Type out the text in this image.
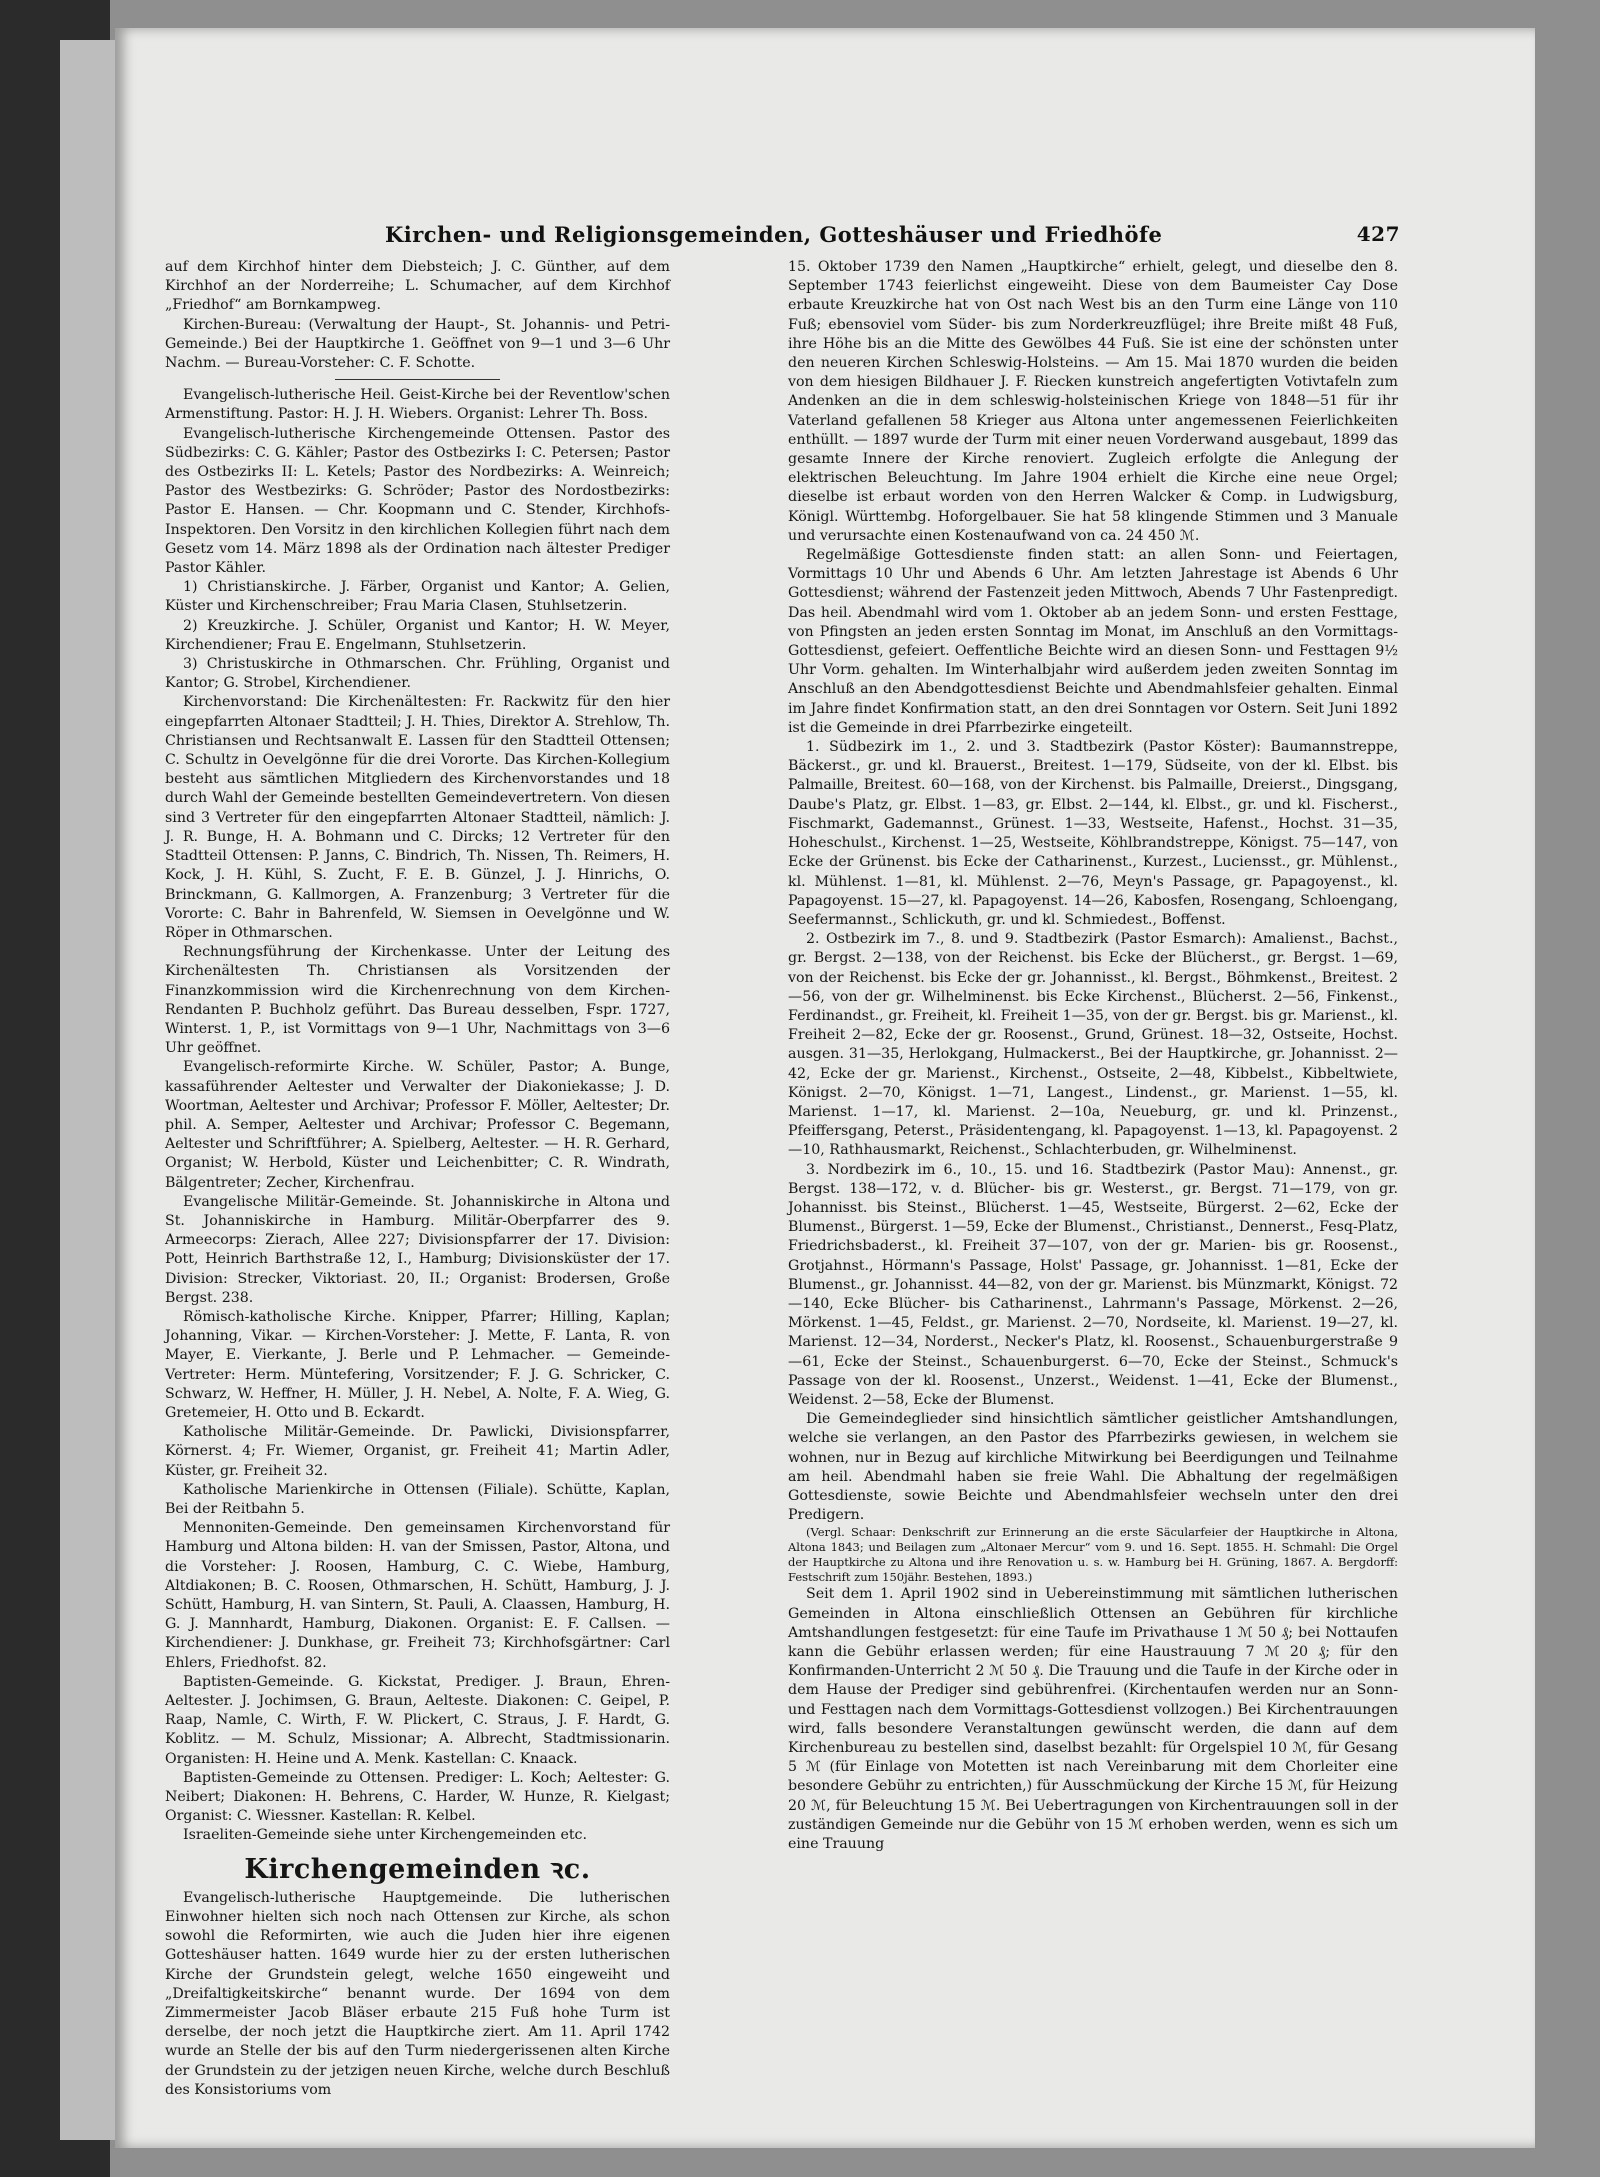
Kirchen- und Religionsgemeinden, Gotteshäuser und Friedhöfe	427

auf dem Kirchhof hinter dem Diebsteich; J. C. Günther, auf dem Kirchhof an der Norderreihe; L. Schumacher, auf dem Kirchhof „Friedhof“ am Bornkampweg.

Kirchen-Bureau: (Verwaltung der Haupt-, St. Johannis- und Petri-Gemeinde.) Bei der Hauptkirche 1. Geöffnet von 9—1 und 3—6 Uhr Nachm. — Bureau-Vorsteher: C. F. Schotte.

Evangelisch-lutherische Heil. Geist-Kirche bei der Reventlow'schen Armenstiftung. Pastor: H. J. H. Wiebers. Organist: Lehrer Th. Boss.

Evangelisch-lutherische Kirchengemeinde Ottensen. Pastor des Südbezirks: C. G. Kähler; Pastor des Ostbezirks I: C. Petersen; Pastor des Ostbezirks II: L. Ketels; Pastor des Nordbezirks: A. Weinreich; Pastor des Westbezirks: G. Schröder; Pastor des Nordostbezirks: Pastor E. Hansen. — Chr. Koopmann und C. Stender, Kirchhofs-Inspektoren. Den Vorsitz in den kirchlichen Kollegien führt nach dem Gesetz vom 14. März 1898 als der Ordination nach ältester Prediger Pastor Kähler.

1) Christianskirche. J. Färber, Organist und Kantor; A. Gelien, Küster und Kirchenschreiber; Frau Maria Clasen, Stuhlsetzerin.

2) Kreuzkirche. J. Schüler, Organist und Kantor; H. W. Meyer, Kirchendiener; Frau E. Engelmann, Stuhlsetzerin.

3) Christuskirche in Othmarschen. Chr. Frühling, Organist und Kantor; G. Strobel, Kirchendiener.

Kirchenvorstand: Die Kirchenältesten: Fr. Rackwitz für den hier eingepfarrten Altonaer Stadtteil; J. H. Thies, Direktor A. Strehlow, Th. Christiansen und Rechtsanwalt E. Lassen für den Stadtteil Ottensen; C. Schultz in Oevelgönne für die drei Vororte. Das Kirchen-Kollegium besteht aus sämtlichen Mitgliedern des Kirchenvorstandes und 18 durch Wahl der Gemeinde bestellten Gemeindevertretern. Von diesen sind 3 Vertreter für den eingepfarrten Altonaer Stadtteil, nämlich: J. J. R. Bunge, H. A. Bohmann und C. Dircks; 12 Vertreter für den Stadtteil Ottensen: P. Janns, C. Bindrich, Th. Nissen, Th. Reimers, H. Kock, J. H. Kühl, S. Zucht, F. E. B. Günzel, J. J. Hinrichs, O. Brinckmann, G. Kallmorgen, A. Franzenburg; 3 Vertreter für die Vororte: C. Bahr in Bahrenfeld, W. Siemsen in Oevelgönne und W. Röper in Othmarschen.

Rechnungsführung der Kirchenkasse. Unter der Leitung des Kirchenältesten Th. Christiansen als Vorsitzenden der Finanzkommission wird die Kirchenrechnung von dem Kirchen-Rendanten P. Buchholz geführt. Das Bureau desselben, Fspr. 1727, Winterst. 1, P., ist Vormittags von 9—1 Uhr, Nachmittags von 3—6 Uhr geöffnet.

Evangelisch-reformirte Kirche. W. Schüler, Pastor; A. Bunge, kassaführender Aeltester und Verwalter der Diakoniekasse; J. D. Woortman, Aeltester und Archivar; Professor F. Möller, Aeltester; Dr. phil. A. Semper, Aeltester und Archivar; Professor C. Begemann, Aeltester und Schriftführer; A. Spielberg, Aeltester. — H. R. Gerhard, Organist; W. Herbold, Küster und Leichenbitter; C. R. Windrath, Bälgentreter; Zecher, Kirchenfrau.

Evangelische Militär-Gemeinde. St. Johanniskirche in Altona und St. Johanniskirche in Hamburg. Militär-Oberpfarrer des 9. Armeecorps: Zierach, Allee 227; Divisionspfarrer der 17. Division: Pott, Heinrich Barthstraße 12, I., Hamburg; Divisionsküster der 17. Division: Strecker, Viktoriast. 20, II.; Organist: Brodersen, Große Bergst. 238.

Römisch-katholische Kirche. Knipper, Pfarrer; Hilling, Kaplan; Johanning, Vikar. — Kirchen-Vorsteher: J. Mette, F. Lanta, R. von Mayer, E. Vierkante, J. Berle und P. Lehmacher. — Gemeinde-Vertreter: Herm. Müntefering, Vorsitzender; F. J. G. Schricker, C. Schwarz, W. Heffner, H. Müller, J. H. Nebel, A. Nolte, F. A. Wieg, G. Gretemeier, H. Otto und B. Eckardt.

Katholische Militär-Gemeinde. Dr. Pawlicki, Divisionspfarrer, Körnerst. 4; Fr. Wiemer, Organist, gr. Freiheit 41; Martin Adler, Küster, gr. Freiheit 32.

Katholische Marienkirche in Ottensen (Filiale). Schütte, Kaplan, Bei der Reitbahn 5.

Mennoniten-Gemeinde. Den gemeinsamen Kirchenvorstand für Hamburg und Altona bilden: H. van der Smissen, Pastor, Altona, und die Vorsteher: J. Roosen, Hamburg, C. C. Wiebe, Hamburg, Altdiakonen; B. C. Roosen, Othmarschen, H. Schütt, Hamburg, J. J. Schütt, Hamburg, H. van Sintern, St. Pauli, A. Claassen, Hamburg, H. G. J. Mannhardt, Hamburg, Diakonen. Organist: E. F. Callsen. — Kirchendiener: J. Dunkhase, gr. Freiheit 73; Kirchhofsgärtner: Carl Ehlers, Friedhofst. 82.

Baptisten-Gemeinde. G. Kickstat, Prediger. J. Braun, Ehren-Aeltester. J. Jochimsen, G. Braun, Aelteste. Diakonen: C. Geipel, P. Raap, Namle, C. Wirth, F. W. Plickert, C. Straus, J. F. Hardt, G. Koblitz. — M. Schulz, Missionar; A. Albrecht, Stadtmissionarin. Organisten: H. Heine und A. Menk. Kastellan: C. Knaack.

Baptisten-Gemeinde zu Ottensen. Prediger: L. Koch; Aeltester: G. Neibert; Diakonen: H. Behrens, C. Harder, W. Hunze, R. Kielgast; Organist: C. Wiessner. Kastellan: R. Kelbel.

Israeliten-Gemeinde siehe unter Kirchengemeinden etc.

Kirchengemeinden ꝛc.

Evangelisch-lutherische Hauptgemeinde. Die lutherischen Einwohner hielten sich noch nach Ottensen zur Kirche, als schon sowohl die Reformirten, wie auch die Juden hier ihre eigenen Gotteshäuser hatten. 1649 wurde hier zu der ersten lutherischen Kirche der Grundstein gelegt, welche 1650 eingeweiht und „Dreifaltigkeitskirche“ benannt wurde. Der 1694 von dem Zimmermeister Jacob Bläser erbaute 215 Fuß hohe Turm ist derselbe, der noch jetzt die Hauptkirche ziert. Am 11. April 1742 wurde an Stelle der bis auf den Turm niedergerissenen alten Kirche der Grundstein zu der jetzigen neuen Kirche, welche durch Beschluß des Konsistoriums vom

15. Oktober 1739 den Namen „Hauptkirche“ erhielt, gelegt, und dieselbe den 8. September 1743 feierlichst eingeweiht. Diese von dem Baumeister Cay Dose erbaute Kreuzkirche hat von Ost nach West bis an den Turm eine Länge von 110 Fuß; ebensoviel vom Süder- bis zum Norderkreuzflügel; ihre Breite mißt 48 Fuß, ihre Höhe bis an die Mitte des Gewölbes 44 Fuß. Sie ist eine der schönsten unter den neueren Kirchen Schleswig-Holsteins. — Am 15. Mai 1870 wurden die beiden von dem hiesigen Bildhauer J. F. Riecken kunstreich angefertigten Votivtafeln zum Andenken an die in dem schleswig-holsteinischen Kriege von 1848—51 für ihr Vaterland gefallenen 58 Krieger aus Altona unter angemessenen Feierlichkeiten enthüllt. — 1897 wurde der Turm mit einer neuen Vorderwand ausgebaut, 1899 das gesamte Innere der Kirche renoviert. Zugleich erfolgte die Anlegung der elektrischen Beleuchtung. Im Jahre 1904 erhielt die Kirche eine neue Orgel; dieselbe ist erbaut worden von den Herren Walcker & Comp. in Ludwigsburg, Königl. Württembg. Hoforgelbauer. Sie hat 58 klingende Stimmen und 3 Manuale und verursachte einen Kostenaufwand von ca. 24 450 ℳ.

Regelmäßige Gottesdienste finden statt: an allen Sonn- und Feiertagen, Vormittags 10 Uhr und Abends 6 Uhr. Am letzten Jahrestage ist Abends 6 Uhr Gottesdienst; während der Fastenzeit jeden Mittwoch, Abends 7 Uhr Fastenpredigt. Das heil. Abendmahl wird vom 1. Oktober ab an jedem Sonn- und ersten Festtage, von Pfingsten an jeden ersten Sonntag im Monat, im Anschluß an den Vormittags-Gottesdienst, gefeiert. Oeffentliche Beichte wird an diesen Sonn- und Festtagen 9½ Uhr Vorm. gehalten. Im Winterhalbjahr wird außerdem jeden zweiten Sonntag im Anschluß an den Abendgottesdienst Beichte und Abendmahlsfeier gehalten. Einmal im Jahre findet Konfirmation statt, an den drei Sonntagen vor Ostern. Seit Juni 1892 ist die Gemeinde in drei Pfarrbezirke eingeteilt.

1. Südbezirk im 1., 2. und 3. Stadtbezirk (Pastor Köster): Baumannstreppe, Bäckerst., gr. und kl. Brauerst., Breitest. 1—179, Südseite, von der kl. Elbst. bis Palmaille, Breitest. 60—168, von der Kirchenst. bis Palmaille, Dreierst., Dingsgang, Daube's Platz, gr. Elbst. 1—83, gr. Elbst. 2—144, kl. Elbst., gr. und kl. Fischerst., Fischmarkt, Gademannst., Grünest. 1—33, Westseite, Hafenst., Hochst. 31—35, Hoheschulst., Kirchenst. 1—25, Westseite, Köhlbrandstreppe, Königst. 75—147, von Ecke der Grünenst. bis Ecke der Catharinenst., Kurzest., Luciensst., gr. Mühlenst., kl. Mühlenst. 1—81, kl. Mühlenst. 2—76, Meyn's Passage, gr. Papagoyenst., kl. Papagoyenst. 15—27, kl. Papagoyenst. 14—26, Kabosfen, Rosengang, Schloengang, Seefermannst., Schlickuth, gr. und kl. Schmiedest., Boffenst.

2. Ostbezirk im 7., 8. und 9. Stadtbezirk (Pastor Esmarch): Amalienst., Bachst., gr. Bergst. 2—138, von der Reichenst. bis Ecke der Blücherst., gr. Bergst. 1—69, von der Reichenst. bis Ecke der gr. Johannisst., kl. Bergst., Böhmkenst., Breitest. 2—56, von der gr. Wilhelminenst. bis Ecke Kirchenst., Blücherst. 2—56, Finkenst., Ferdinandst., gr. Freiheit, kl. Freiheit 1—35, von der gr. Bergst. bis gr. Marienst., kl. Freiheit 2—82, Ecke der gr. Roosenst., Grund, Grünest. 18—32, Ostseite, Hochst. ausgen. 31—35, Herlokgang, Hulmackerst., Bei der Hauptkirche, gr. Johannisst. 2—42, Ecke der gr. Marienst., Kirchenst., Ostseite, 2—48, Kibbelst., Kibbeltwiete, Königst. 2—70, Königst. 1—71, Langest., Lindenst., gr. Marienst. 1—55, kl. Marienst. 1—17, kl. Marienst. 2—10a, Neueburg, gr. und kl. Prinzenst., Pfeiffersgang, Peterst., Präsidentengang, kl. Papagoyenst. 1—13, kl. Papagoyenst. 2—10, Rathhausmarkt, Reichenst., Schlachterbuden, gr. Wilhelminenst.

3. Nordbezirk im 6., 10., 15. und 16. Stadtbezirk (Pastor Mau): Annenst., gr. Bergst. 138—172, v. d. Blücher- bis gr. Westerst., gr. Bergst. 71—179, von gr. Johannisst. bis Steinst., Blücherst. 1—45, Westseite, Bürgerst. 2—62, Ecke der Blumenst., Bürgerst. 1—59, Ecke der Blumenst., Christianst., Dennerst., Fesq-Platz, Friedrichsbaderst., kl. Freiheit 37—107, von der gr. Marien- bis gr. Roosenst., Grotjahnst., Hörmann's Passage, Holst' Passage, gr. Johannisst. 1—81, Ecke der Blumenst., gr. Johannisst. 44—82, von der gr. Marienst. bis Münzmarkt, Königst. 72—140, Ecke Blücher- bis Catharinenst., Lahrmann's Passage, Mörkenst. 2—26, Mörkenst. 1—45, Feldst., gr. Marienst. 2—70, Nordseite, kl. Marienst. 19—27, kl. Marienst. 12—34, Norderst., Necker's Platz, kl. Roosenst., Schauenburgerstraße 9—61, Ecke der Steinst., Schauenburgerst. 6—70, Ecke der Steinst., Schmuck's Passage von der kl. Roosenst., Unzerst., Weidenst. 1—41, Ecke der Blumenst., Weidenst. 2—58, Ecke der Blumenst.

Die Gemeindeglieder sind hinsichtlich sämtlicher geistlicher Amtshandlungen, welche sie verlangen, an den Pastor des Pfarrbezirks gewiesen, in welchem sie wohnen, nur in Bezug auf kirchliche Mitwirkung bei Beerdigungen und Teilnahme am heil. Abendmahl haben sie freie Wahl. Die Abhaltung der regelmäßigen Gottesdienste, sowie Beichte und Abendmahlsfeier wechseln unter den drei Predigern.

(Vergl. Schaar: Denkschrift zur Erinnerung an die erste Säcularfeier der Hauptkirche in Altona, Altona 1843; und Beilagen zum „Altonaer Mercur“ vom 9. und 16. Sept. 1855. H. Schmahl: Die Orgel der Hauptkirche zu Altona und ihre Renovation u. s. w. Hamburg bei H. Grüning, 1867. A. Bergdorff: Festschrift zum 150jähr. Bestehen, 1893.)

Seit dem 1. April 1902 sind in Uebereinstimmung mit sämtlichen lutherischen Gemeinden in Altona einschließlich Ottensen an Gebühren für kirchliche Amtshandlungen festgesetzt: für eine Taufe im Privathause 1 ℳ 50 ₰; bei Nottaufen kann die Gebühr erlassen werden; für eine Haustrauung 7 ℳ 20 ₰; für den Konfirmanden-Unterricht 2 ℳ 50 ₰. Die Trauung und die Taufe in der Kirche oder in dem Hause der Prediger sind gebührenfrei. (Kirchentaufen werden nur an Sonn- und Festtagen nach dem Vormittags-Gottesdienst vollzogen.) Bei Kirchentrauungen wird, falls besondere Veranstaltungen gewünscht werden, die dann auf dem Kirchenbureau zu bestellen sind, daselbst bezahlt: für Orgelspiel 10 ℳ, für Gesang 5 ℳ (für Einlage von Motetten ist nach Vereinbarung mit dem Chorleiter eine besondere Gebühr zu entrichten,) für Ausschmückung der Kirche 15 ℳ, für Heizung 20 ℳ, für Beleuchtung 15 ℳ. Bei Uebertragungen von Kirchentrauungen soll in der zuständigen Gemeinde nur die Gebühr von 15 ℳ erhoben werden, wenn es sich um eine Trauung
